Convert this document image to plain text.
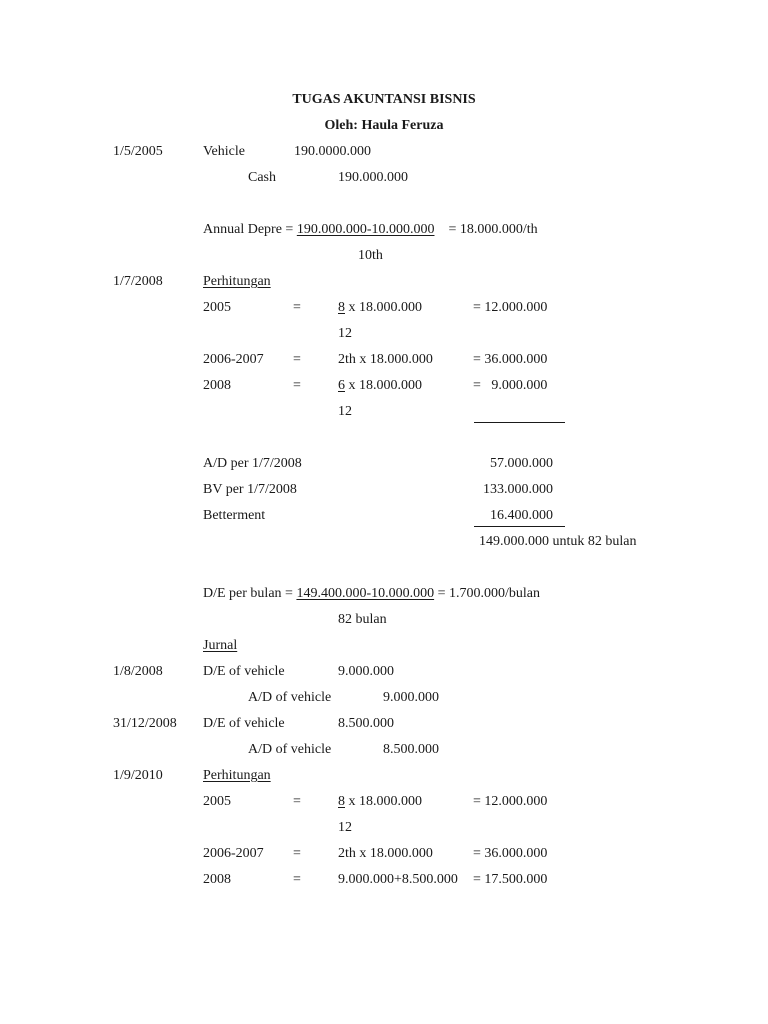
TUGAS AKUNTANSI BISNIS
Oleh: Haula Feruza
1/5/2005	Vehicle	190.0000.000
Cash	190.000.000
Annual Depre = 190.000.000-10.000.000 = 18.000.000/th
10th
1/7/2008	Perhitungan
2005	=	8 x 18.000.000	= 12.000.000
12
2006-2007 =	2th x 18.000.000	= 36.000.000
2008	=	6 x 18.000.000	=   9.000.000
12
A/D per 1/7/2008	57.000.000
BV per 1/7/2008	133.000.000
Betterment	16.400.000
149.000.000 untuk 82 bulan
D/E per bulan = 149.400.000-10.000.000 = 1.700.000/bulan
82 bulan
Jurnal
1/8/2008	D/E of vehicle	9.000.000
A/D of vehicle	9.000.000
31/12/2008 D/E of vehicle	8.500.000
A/D of vehicle	8.500.000
1/9/2010	Perhitungan
2005	=	8 x 18.000.000	= 12.000.000
12
2006-2007 =	2th x 18.000.000	= 36.000.000
2008	=	9.000.000+8.500.000 = 17.500.000
